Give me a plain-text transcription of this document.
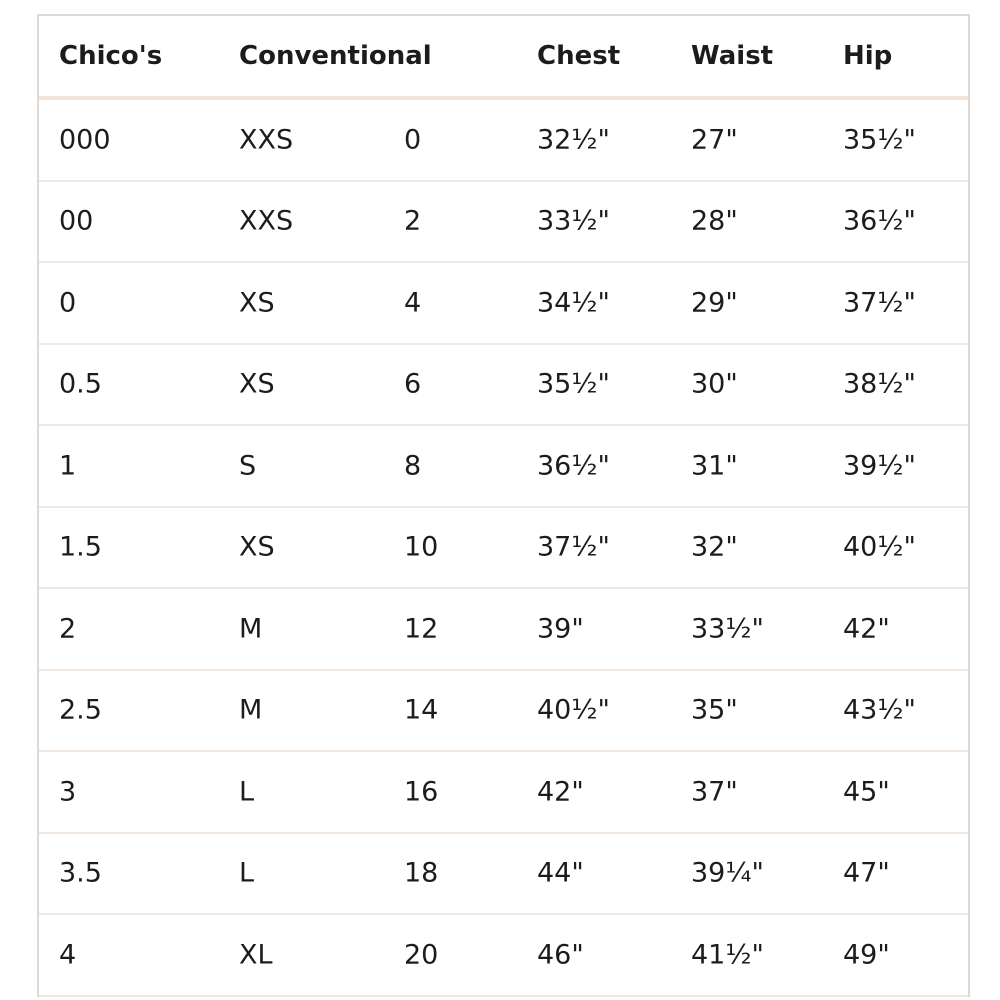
Chico's	Conventional	Chest	Waist	Hip
000	XXS	0	32½"	27"	35½"
00	XXS	2	33½"	28"	36½"
0	XS	4	34½"	29"	37½"
0.5	XS	6	35½"	30"	38½"
1	S	8	36½"	31"	39½"
1.5	XS	10	37½"	32"	40½"
2	M	12	39"	33½"	42"
2.5	M	14	40½"	35"	43½"
3	L	16	42"	37"	45"
3.5	L	18	44"	39¼"	47"
4	XL	20	46"	41½"	49"
